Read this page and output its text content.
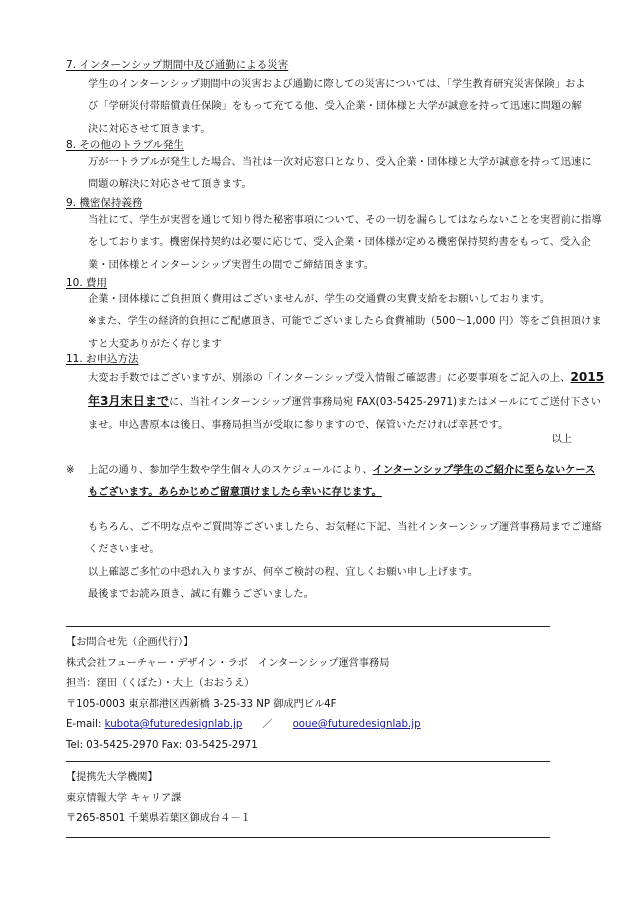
7. インターンシップ期間中及び通勤による災害
学生のインターンシップ期間中の災害および通勤に際しての災害については、「学生教育研究災害保険」およ
び「学研災付帯賠償責任保険」をもって充てる他、受入企業・団体様と大学が誠意を持って迅速に問題の解
決に対応させて頂きます。
8. その他のトラブル発生
万が一トラブルが発生した場合、当社は一次対応窓口となり、受入企業・団体様と大学が誠意を持って迅速に
問題の解決に対応させて頂きます。
9. 機密保持義務
当社にて、学生が実習を通じて知り得た秘密事項について、その一切を漏らしてはならないことを実習前に指導
をしております。機密保持契約は必要に応じて、受入企業・団体様が定める機密保持契約書をもって、受入企
業・団体様とインターンシップ実習生の間でご締結頂きます。
10. 費用
企業・団体様にご負担頂く費用はございませんが、学生の交通費の実費支給をお願いしております。
※また、学生の経済的負担にご配慮頂き、可能でございましたら食費補助（500～1,000 円）等をご負担頂けま
すと大変ありがたく存じます
11. お申込方法
大変お手数ではございますが、別添の「インターンシップ受入情報ご確認書」に必要事項をご記入の上、2015
年3月末日までに、当社インターンシップ運営事務局宛 FAX(03-5425-2971)またはメールにてご送付下さい
ませ。申込書原本は後日、事務局担当が受取に参りますので、保管いただければ幸甚です。
以上
※ 上記の通り、参加学生数や学生個々人のスケジュールにより、インターンシップ学生のご紹介に至らないケース
もございます。あらかじめご留意頂けましたら幸いに存じます。
もちろん、ご不明な点やご質問等ございましたら、お気軽に下記、当社インターンシップ運営事務局までご連絡
くださいませ。
以上確認ご多忙の中恐れ入りますが、何卒ご検討の程、宜しくお願い申し上げます。
最後までお読み頂き、誠に有難うございました。
【お問合せ先（企画代行）】
株式会社フューチャー・デザイン・ラボ　インターンシップ運営事務局
担当：窪田（くぼた）・大上（おおうえ）
〒105-0003 東京都港区西新橋 3-25-33 NP 御成門ビル4F
E-mail: kubota@futuredesignlab.jp ／ ooue@futuredesignlab.jp
Tel: 03-5425-2970 Fax: 03-5425-2971
【提携先大学機関】
東京情報大学 キャリア課
〒265-8501 千葉県若葉区御成台４－１
